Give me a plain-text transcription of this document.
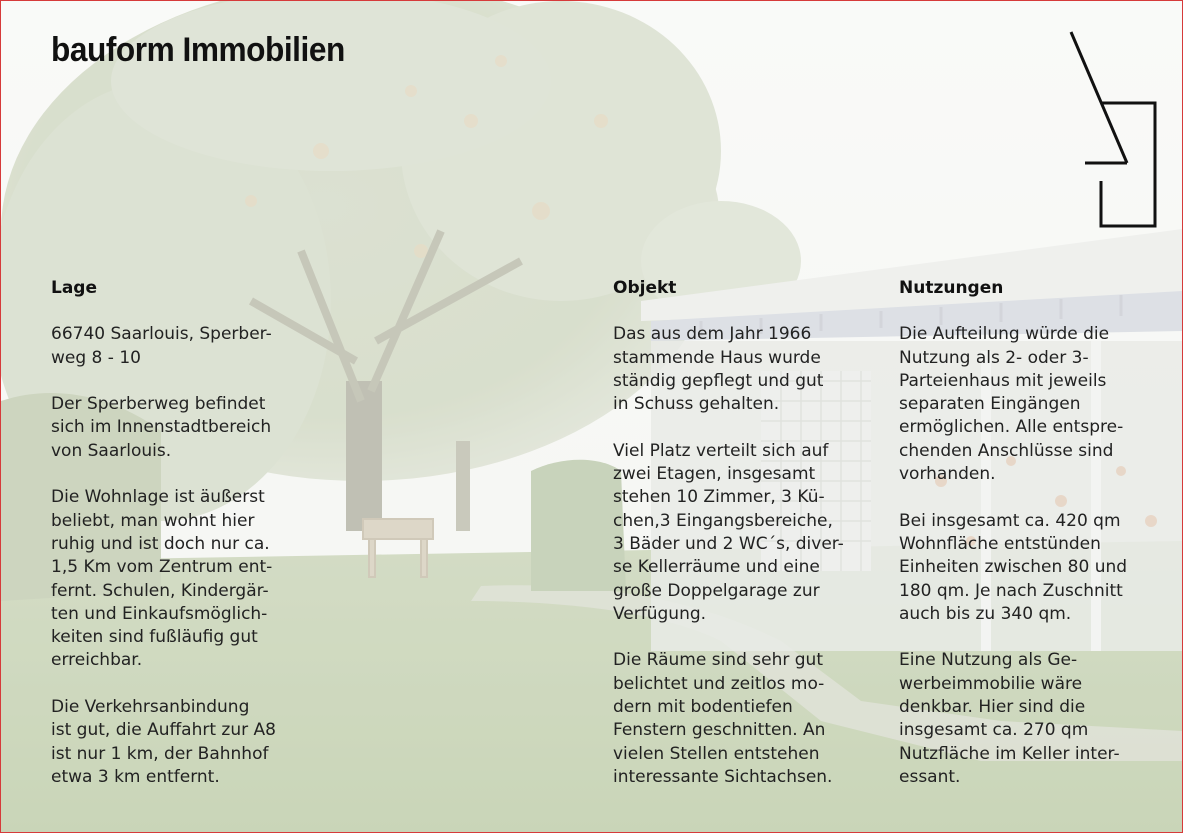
bauform Immobilien
Lage

66740 Saarlouis, Sperber-
weg 8 - 10

Der Sperberweg befindet
sich im Innenstadtbereich
von Saarlouis.

Die Wohnlage ist äußerst
beliebt, man wohnt hier
ruhig und ist doch nur ca.
1,5 Km vom Zentrum ent-
fernt. Schulen, Kindergär-
ten und Einkaufsmöglich-
keiten sind fußläufig gut
erreichbar.

Die Verkehrsanbindung
ist gut, die Auffahrt zur A8
ist nur 1 km, der Bahnhof
etwa 3 km entfernt.

Objekt

Das aus dem Jahr 1966
stammende Haus wurde
ständig gepflegt und gut
in Schuss gehalten.

Viel Platz verteilt sich auf
zwei Etagen, insgesamt
stehen 10 Zimmer, 3 Kü-
chen,3 Eingangsbereiche,
3 Bäder und 2 WC´s, diver-
se Kellerräume und eine
große Doppelgarage zur
Verfügung.

Die Räume sind sehr gut
belichtet und zeitlos mo-
dern mit bodentiefen
Fenstern geschnitten. An
vielen Stellen entstehen
interessante Sichtachsen.

Nutzungen

Die Aufteilung würde die
Nutzung als 2- oder 3-
Parteienhaus mit jeweils
separaten Eingängen
ermöglichen. Alle entspre-
chenden Anschlüsse sind
vorhanden.

Bei insgesamt ca. 420 qm
Wohnfläche entstünden
Einheiten zwischen 80 und
180 qm. Je nach Zuschnitt
auch bis zu 340 qm.

Eine Nutzung als Ge-
werbeimmobilie wäre
denkbar. Hier sind die
insgesamt ca. 270 qm
Nutzfläche im Keller inter-
essant.
